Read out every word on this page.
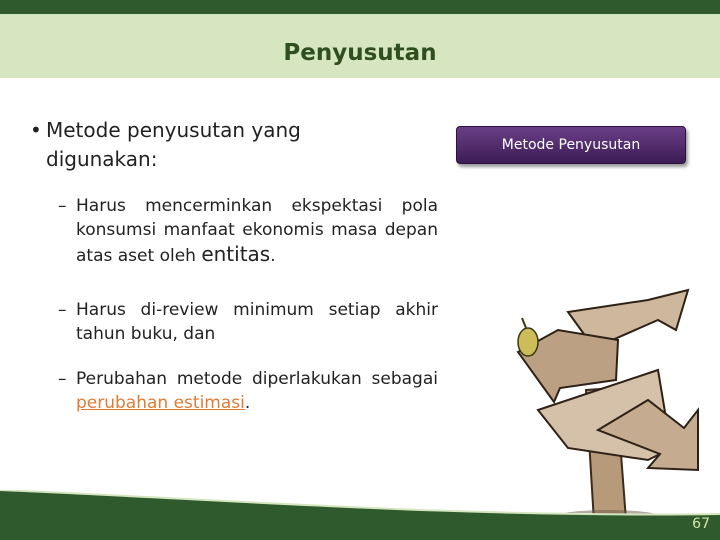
Penyusutan
• Metode penyusutan yang digunakan:
– Harus mencerminkan ekspektasi pola konsumsi manfaat ekonomis masa depan atas aset oleh entitas.
– Harus di-review minimum setiap akhir tahun buku, dan
– Perubahan metode diperlakukan sebagai perubahan estimasi.
Metode Penyusutan
67
